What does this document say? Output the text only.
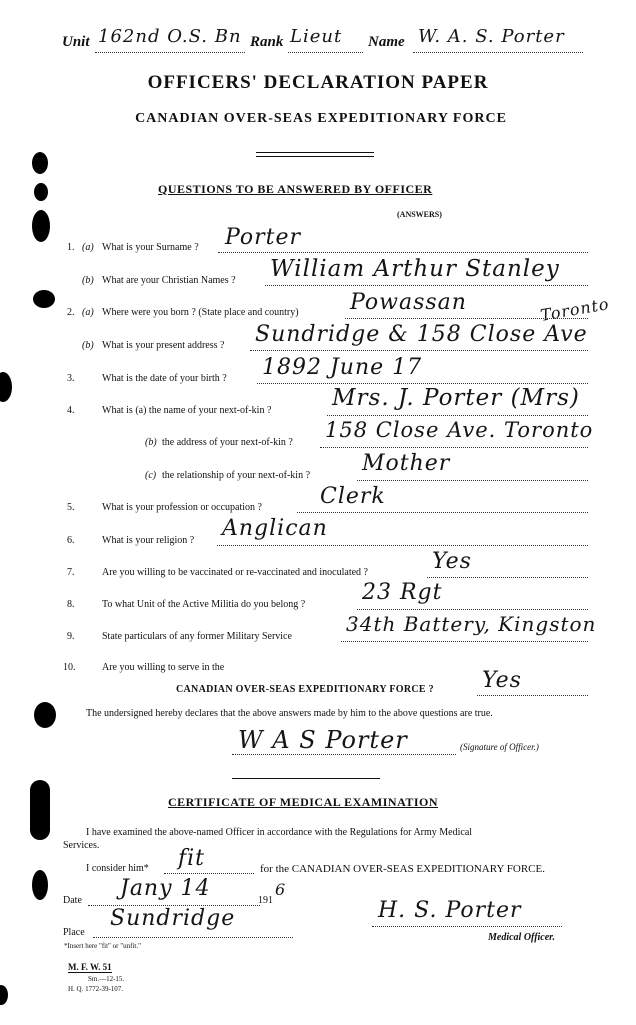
Unit 162nd O.S. Bn Rank Lieut Name W. A. S. Porter
OFFICERS' DECLARATION PAPER
CANADIAN OVER-SEAS EXPEDITIONARY FORCE
QUESTIONS TO BE ANSWERED BY OFFICER
(ANSWERS)
1. (a) What is your Surname ? Porter
(b) What are your Christian Names ? William Arthur Stanley
2. (a) Where were you born ? (State place and country) Powassan	Toronto
(b) What is your present address ? Sundridge & 158 Close Ave
3.	What is the date of your birth ? 1892 June 17
4.	What is (a) the name of your next-of-kin ?	Mrs. J. Porter (Mrs)
(b) the address of your next-of-kin ?
158 Close Ave. Toronto
(c) the relationship of your next-of-kin ? Mother
5.	What is your profession or occupation ?	Clerk
6.	What is your religion ? Anglican
7.	Are you willing to be vaccinated or re-vaccinated and inoculated ?	Yes
8.	To what Unit of the Active Militia do you belong ?	23 Rgt
9.	State particulars of any former Military Service
34th Battery, Kingston
10.	Are you willing to serve in the
CANADIAN OVER-SEAS EXPEDITIONARY FORCE ? Yes
The undersigned hereby declares that the above answers made by him to the above questions are true.
W A S Porter	(Signature of Officer.)
CERTIFICATE OF MEDICAL EXAMINATION
I have examined the above-named Officer in accordance with the Regulations for Army Medical
Services.
I consider him* fit	for the CANADIAN OVER-SEAS EXPEDITIONARY FORCE.
Date Jany 14	191
6
Place
Sundridge	H. S. Porter
Medical Officer.
*Insert here "fit" or "unfit."
M. F. W. 51
Sm.—12-15.
H. Q. 1772-39-107.
